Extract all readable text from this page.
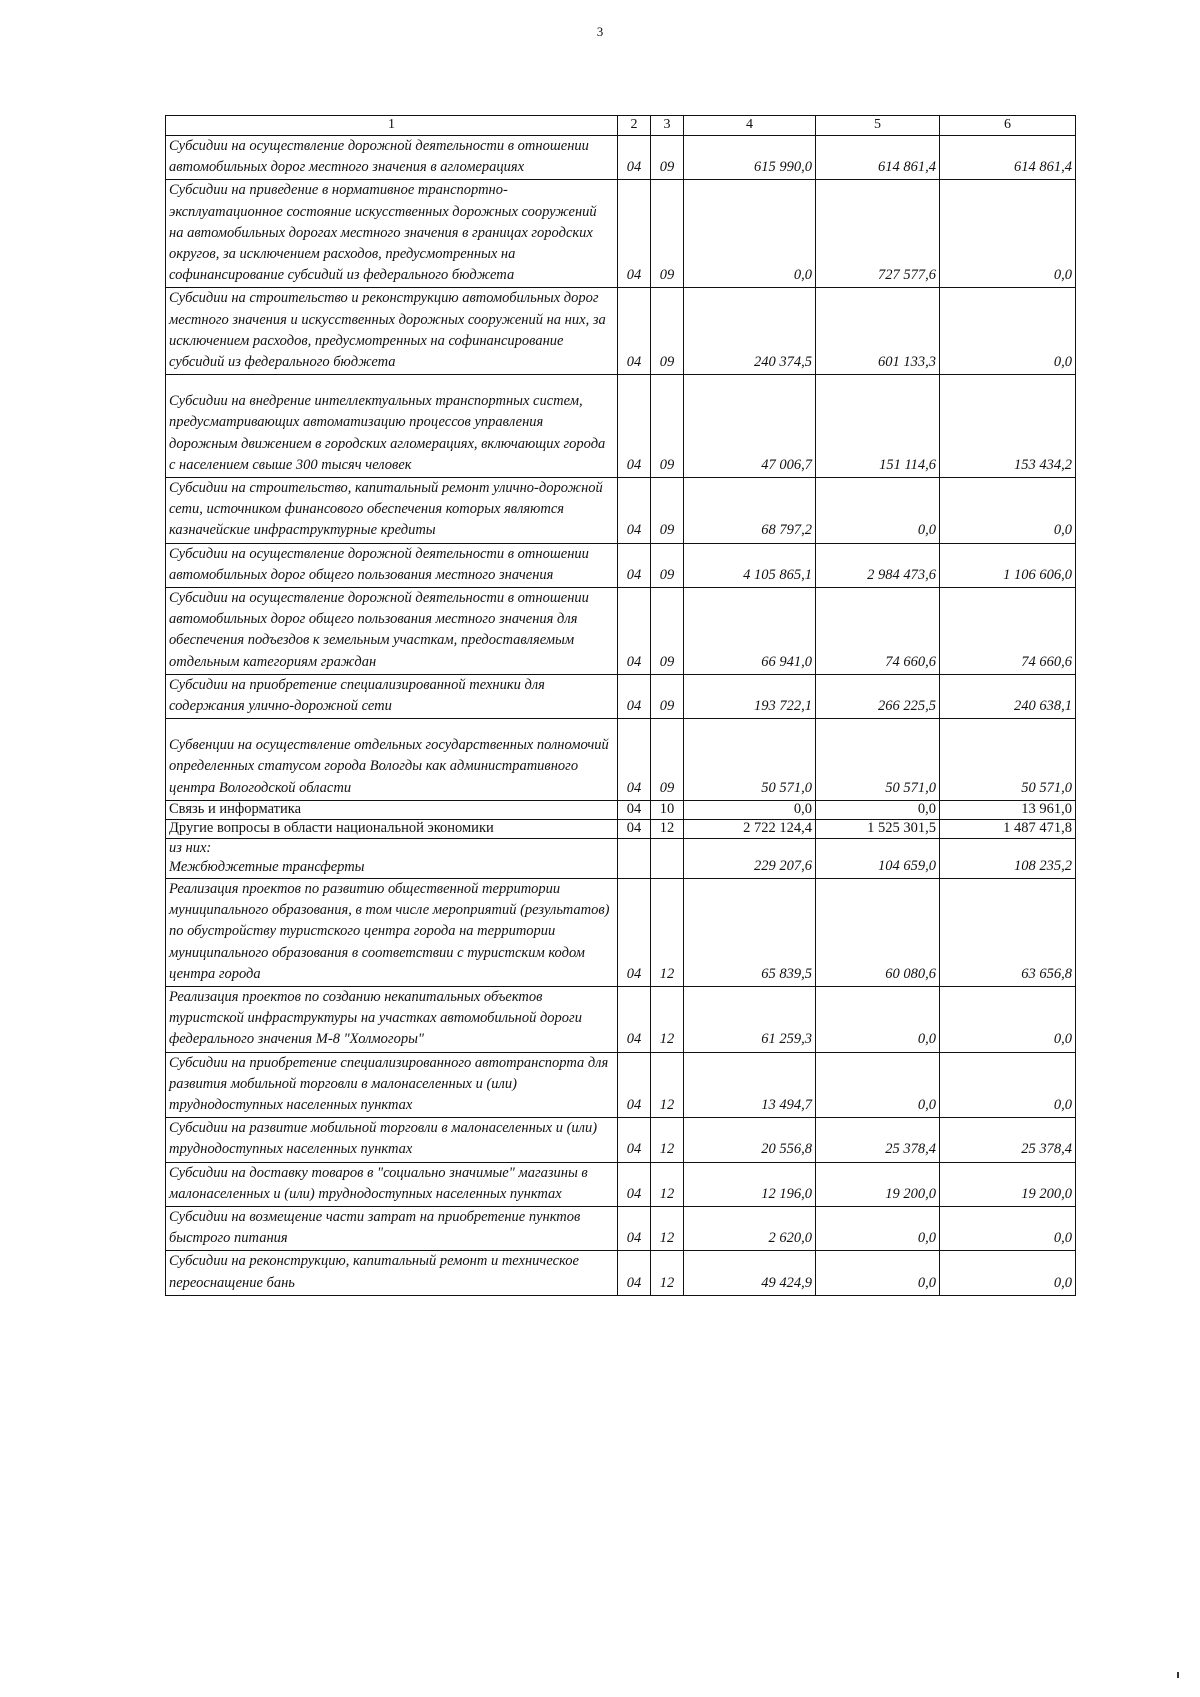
3
1	2	3	4	5	6
Субсидии на осуществление дорожной деятельности в отношении автомобильных дорог местного значения в агломерациях	04	09	615 990,0	614 861,4	614 861,4
Субсидии на приведение в нормативное транспортно-эксплуатационное состояние искусственных дорожных сооружений на автомобильных дорогах местного значения в границах городских округов, за исключением расходов, предусмотренных на софинансирование субсидий из федерального бюджета	04	09	0,0	727 577,6	0,0
Субсидии на строительство и реконструкцию автомобильных дорог местного значения и искусственных дорожных сооружений на них, за исключением расходов, предусмотренных на софинансирование субсидий из федерального бюджета	04	09	240 374,5	601 133,3	0,0
Субсидии на внедрение интеллектуальных транспортных систем, предусматривающих автоматизацию процессов управления дорожным движением в городских агломерациях, включающих города с населением свыше 300 тысяч человек	04	09	47 006,7	151 114,6	153 434,2
Субсидии на строительство, капитальный ремонт улично-дорожной сети, источником финансового обеспечения которых являются казначейские инфраструктурные кредиты	04	09	68 797,2	0,0	0,0
Субсидии на осуществление дорожной деятельности в отношении автомобильных дорог общего пользования местного значения	04	09	4 105 865,1	2 984 473,6	1 106 606,0
Субсидии на осуществление дорожной деятельности в отношении автомобильных дорог общего пользования местного значения для обеспечения подъездов к земельным участкам, предоставляемым отдельным категориям граждан	04	09	66 941,0	74 660,6	74 660,6
Субсидии на приобретение специализированной техники для содержания улично-дорожной сети	04	09	193 722,1	266 225,5	240 638,1
Субвенции на осуществление отдельных государственных полномочий определенных статусом города Вологды как административного центра Вологодской области	04	09	50 571,0	50 571,0	50 571,0
Связь и информатика	04	10	0,0	0,0	13 961,0
Другие вопросы в области национальной экономики	04	12	2 722 124,4	1 525 301,5	1 487 471,8

из них:
Межбюджетные трансферты			229 207,6	104 659,0	108 235,2
Реализация проектов по развитию общественной территории муниципального образования, в том числе мероприятий (результатов) по обустройству туристского центра города на территории муниципального образования в соответствии с туристским кодом центра города	04	12	65 839,5	60 080,6	63 656,8
Реализация проектов по созданию некапитальных объектов туристской инфраструктуры на участках автомобильной дороги федерального значения М-8 "Холмогоры"	04	12	61 259,3	0,0	0,0
Субсидии на приобретение специализированного автотранспорта для развития мобильной торговли в малонаселенных и (или) труднодоступных населенных пунктах	04	12	13 494,7	0,0	0,0
Субсидии на развитие мобильной торговли в малонаселенных и (или) труднодоступных населенных пунктах	04	12	20 556,8	25 378,4	25 378,4
Субсидии на доставку товаров в "социально значимые" магазины в малонаселенных и (или) труднодоступных населенных пунктах	04	12	12 196,0	19 200,0	19 200,0
Субсидии на возмещение части затрат на приобретение пунктов быстрого питания	04	12	2 620,0	0,0	0,0
Субсидии на реконструкцию, капитальный ремонт и техническое переоснащение бань	04	12	49 424,9	0,0	0,0
